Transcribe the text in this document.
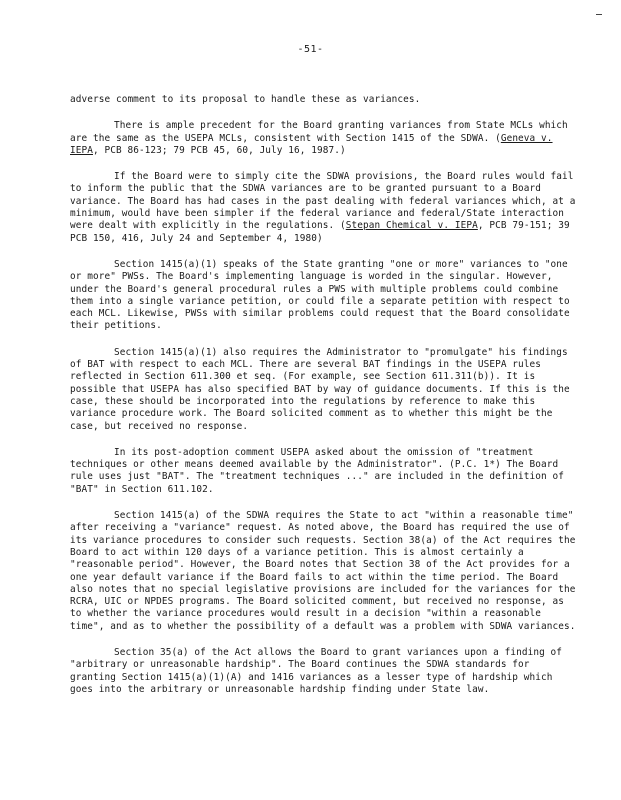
-51-

adverse comment to its proposal to handle these as variances.

There is ample precedent for the Board granting variances from State MCLs which are the same as the USEPA MCLs, consistent with Section 1415 of the SDWA. (Geneva v. IEPA, PCB 86-123; 79 PCB 45, 60, July 16, 1987.)

If the Board were to simply cite the SDWA provisions, the Board rules would fail to inform the public that the SDWA variances are to be granted pursuant to a Board variance. The Board has had cases in the past dealing with federal variances which, at a minimum, would have been simpler if the federal variance and federal/State interaction were dealt with explicitly in the regulations. (Stepan Chemical v. IEPA, PCB 79-151; 39 PCB 150, 416, July 24 and September 4, 1980)

Section 1415(a)(1) speaks of the State granting "one or more" variances to "one or more" PWSs. The Board's implementing language is worded in the singular. However, under the Board's general procedural rules a PWS with multiple problems could combine them into a single variance petition, or could file a separate petition with respect to each MCL. Likewise, PWSs with similar problems could request that the Board consolidate their petitions.

Section 1415(a)(1) also requires the Administrator to "promulgate" his findings of BAT with respect to each MCL. There are several BAT findings in the USEPA rules reflected in Section 611.300 et seq. (For example, see Section 611.311(b)). It is possible that USEPA has also specified BAT by way of guidance documents. If this is the case, these should be incorporated into the regulations by reference to make this variance procedure work. The Board solicited comment as to whether this might be the case, but received no response.

In its post-adoption comment USEPA asked about the omission of "treatment techniques or other means deemed available by the Administrator". (P.C. 1*) The Board rule uses just "BAT". The "treatment techniques ..." are included in the definition of "BAT" in Section 611.102.

Section 1415(a) of the SDWA requires the State to act "within a reasonable time" after receiving a "variance" request. As noted above, the Board has required the use of its variance procedures to consider such requests. Section 38(a) of the Act requires the Board to act within 120 days of a variance petition. This is almost certainly a "reasonable period". However, the Board notes that Section 38 of the Act provides for a one year default variance if the Board fails to act within the time period. The Board also notes that no special legislative provisions are included for the variances for the RCRA, UIC or NPDES programs. The Board solicited comment, but received no response, as to whether the variance procedures would result in a decision "within a reasonable time", and as to whether the possibility of a default was a problem with SDWA variances.

Section 35(a) of the Act allows the Board to grant variances upon a finding of "arbitrary or unreasonable hardship". The Board continues the SDWA standards for granting Section 1415(a)(1)(A) and 1416 variances as a lesser type of hardship which goes into the arbitrary or unreasonable hardship finding under State law.
